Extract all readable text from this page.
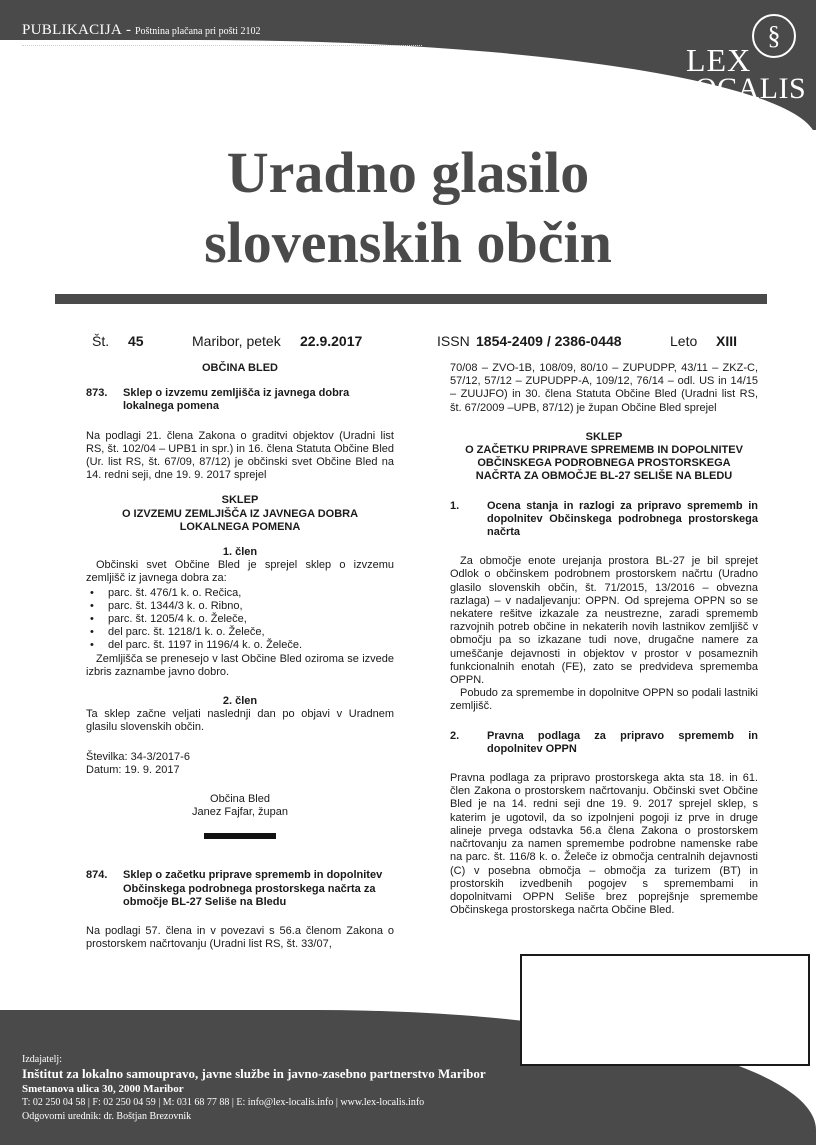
PUBLIKACIJA - Poštnina plačana pri pošti 2102	§
LEX
LOCALIS
Uradno glasilo
slovenskih občin
Št. 45	Maribor, petek 22.9.2017	ISSN 1854-2409 / 2386-0448	Leto XIII
OBČINA BLED
873.	Sklep o izvzemu zemljišča iz javnega dobra lokalnega pomena

Na podlagi 21. člena Zakona o graditvi objektov (Uradni list RS, št. 102/04 – UPB1 in spr.) in 16. člena Statuta Občine Bled (Ur. list RS, št. 67/09, 87/12) je občinski svet Občine Bled na 14. redni seji, dne 19. 9. 2017 sprejel

SKLEP
O IZVZEMU ZEMLJIŠČA IZ JAVNEGA DOBRA
LOKALNEGA POMENA
1. člen

Občinski svet Občine Bled je sprejel sklep o izvzemu zemljišč iz javnega dobra za:

• parc. št. 476/1 k. o. Rečica,
• parc. št. 1344/3 k. o. Ribno,
• parc. št. 1205/4 k. o. Želeče,
• del parc. št. 1218/1 k. o. Želeče,
• del parc. št. 1197 in 1196/4 k. o. Želeče.

Zemljišča se prenesejo v last Občine Bled oziroma se izvede izbris zaznambe javno dobro.

2. člen

Ta sklep začne veljati naslednji dan po objavi v Uradnem glasilu slovenskih občin.

Številka: 34-3/2017-6

Datum: 19. 9. 2017

Občina Bled

Janez Fajfar, župan

874.	Sklep o začetku priprave sprememb in dopolnitev Občinskega podrobnega prostorskega načrta za območje BL-27 Seliše na Bledu

Na podlagi 57. člena in v povezavi s 56.a členom Zakona o prostorskem načrtovanju (Uradni list RS, št. 33/07,

70/08 – ZVO-1B, 108/09, 80/10 – ZUPUDPP, 43/11 – ZKZ-C, 57/12, 57/12 – ZUPUDPP-A, 109/12, 76/14 – odl. US in 14/15 – ZUUJFO) in 30. člena Statuta Občine Bled (Uradni list RS, št. 67/2009 –UPB, 87/12) je župan Občine Bled sprejel

SKLEP
O ZAČETKU PRIPRAVE SPREMEMB IN DOPOLNITEV
OBČINSKEGA PODROBNEGA PROSTORSKEGA
NAČRTA ZA OBMOČJE BL-27 SELIŠE NA BLEDU
1.	Ocena stanja in razlogi za pripravo sprememb in dopolnitev Občinskega podrobnega prostorskega načrta

Za območje enote urejanja prostora BL-27 je bil sprejet Odlok o občinskem podrobnem prostorskem načrtu (Uradno glasilo slovenskih občin, št. 71/2015, 13/2016 – obvezna razlaga) – v nadaljevanju: OPPN. Od sprejema OPPN so se nekatere rešitve izkazale za neustrezne, zaradi sprememb razvojnih potreb občine in nekaterih novih lastnikov zemljišč v območju pa so izkazane tudi nove, drugačne namere za umeščanje dejavnosti in objektov v prostor v posameznih funkcionalnih enotah (FE), zato se predvideva sprememba OPPN.

Pobudo za spremembe in dopolnitve OPPN so podali lastniki zemljišč.

2.	Pravna podlaga za pripravo sprememb in dopolnitev OPPN

Pravna podlaga za pripravo prostorskega akta sta 18. in 61. člen Zakona o prostorskem načrtovanju. Občinski svet Občine Bled je na 14. redni seji dne 19. 9. 2017 sprejel sklep, s katerim je ugotovil, da so izpolnjeni pogoji iz prve in druge alineje prvega odstavka 56.a člena Zakona o prostorskem načrtovanju za namen spremembe podrobne namenske rabe na parc. št. 116/8 k. o. Želeče iz območja centralnih dejavnosti (C) v posebna območja – območja za turizem (BT) in prostorskih izvedbenih pogojev s spremembami in dopolnitvami OPPN Seliše brez poprejšnje spremembe Občinskega prostorskega načrta Občine Bled.

Izdajatelj:
Inštitut za lokalno samoupravo, javne službe in javno-zasebno partnerstvo Maribor
Smetanova ulica 30, 2000 Maribor
T: 02 250 04 58 | F: 02 250 04 59 | M: 031 68 77 88 | E: info@lex-localis.info | www.lex-localis.info
Odgovorni urednik: dr. Boštjan Brezovnik
